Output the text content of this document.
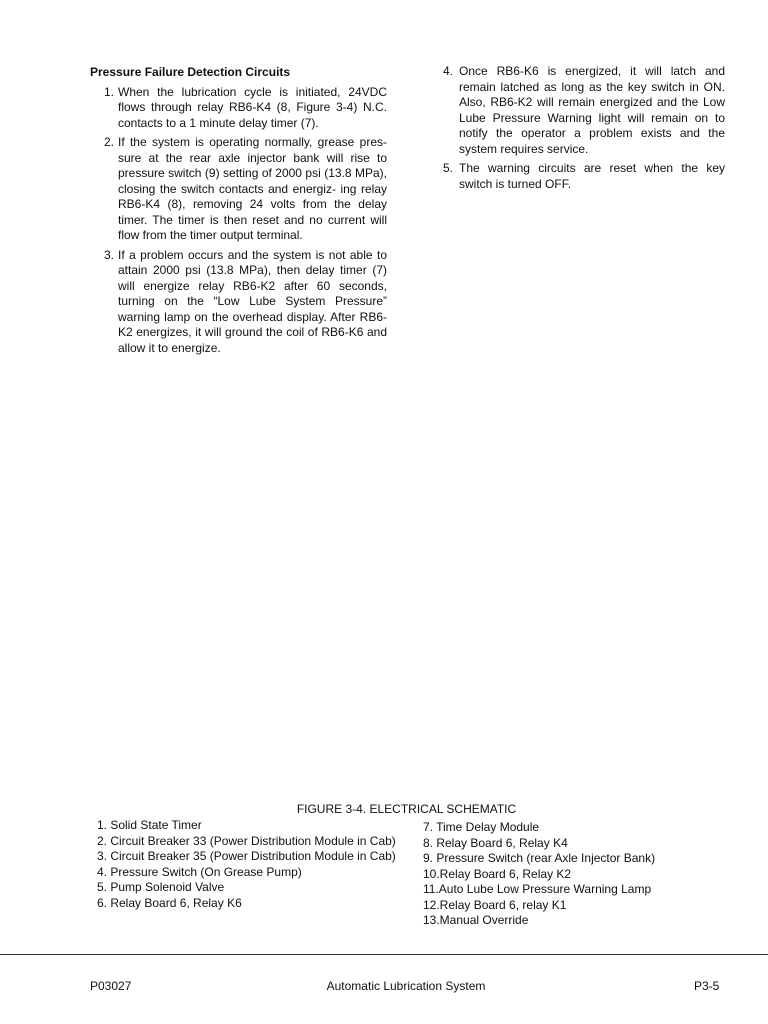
Pressure Failure Detection Circuits
1. When the lubrication cycle is initiated, 24VDC flows through relay RB6-K4 (8, Figure 3-4) N.C. contacts to a 1 minute delay timer (7).
2. If the system is operating normally, grease pres- sure at the rear axle injector bank will rise to pressure switch (9) setting of 2000 psi (13.8 MPa), closing the switch contacts and energiz- ing relay RB6-K4 (8), removing 24 volts from the delay timer. The timer is then reset and no current will flow from the timer output terminal.
3. If a problem occurs and the system is not able to attain 2000 psi (13.8 MPa), then delay timer (7) will energize relay RB6-K2 after 60 seconds, turning on the “Low Lube System Pressure” warning lamp on the overhead display. After RB6-K2 energizes, it will ground the coil of RB6-K6 and allow it to energize.
4. Once RB6-K6 is energized, it will latch and remain latched as long as the key switch in ON. Also, RB6-K2 will remain energized and the Low Lube Pressure Warning light will remain on to notify the operator a problem exists and the system requires service.
5. The warning circuits are reset when the key switch is turned OFF.
FIGURE 3-4. ELECTRICAL SCHEMATIC
1. Solid State Timer
2. Circuit Breaker 33 (Power Distribution Module in Cab)
3. Circuit Breaker 35 (Power Distribution Module in Cab)
4. Pressure Switch (On Grease Pump)
5. Pump Solenoid Valve
6. Relay Board 6, Relay K6
7. Time Delay Module
8. Relay Board 6, Relay K4
9. Pressure Switch (rear Axle Injector Bank)
10.Relay Board 6, Relay K2
11.Auto Lube Low Pressure Warning Lamp
12.Relay Board 6, relay K1
13.Manual Override
P03027	Automatic Lubrication System	P3-5
